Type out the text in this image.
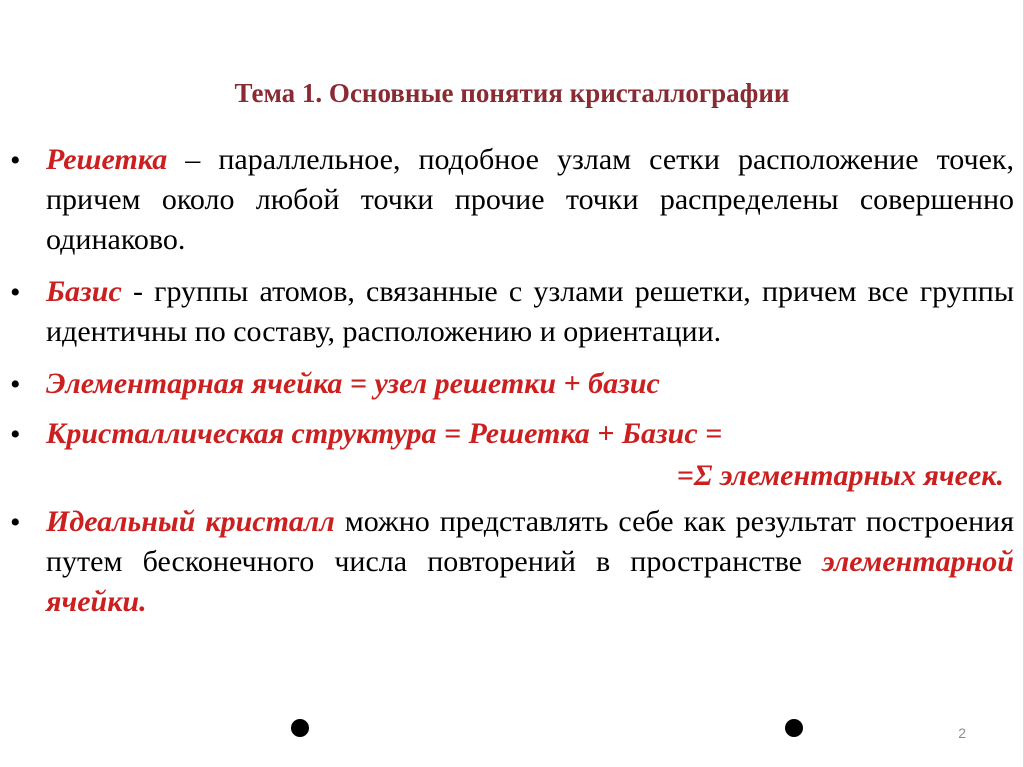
Тема 1. Основные понятия кристаллографии
• Решетка – параллельное, подобное узлам сетки расположение точек, причем около любой точки прочие точки распределены совершенно одинаково.
• Базис - группы атомов, связанные с узлами решетки, причем все группы идентичны по составу, расположению и ориентации.
• Элементарная ячейка = узел решетки + базис
• Кристаллическая структура = Решетка + Базис =
=Σ элементарных ячеек.
• Идеальный кристалл можно представлять себе как результат построения путем бесконечного числа повторений в пространстве элементарной ячейки.
2
